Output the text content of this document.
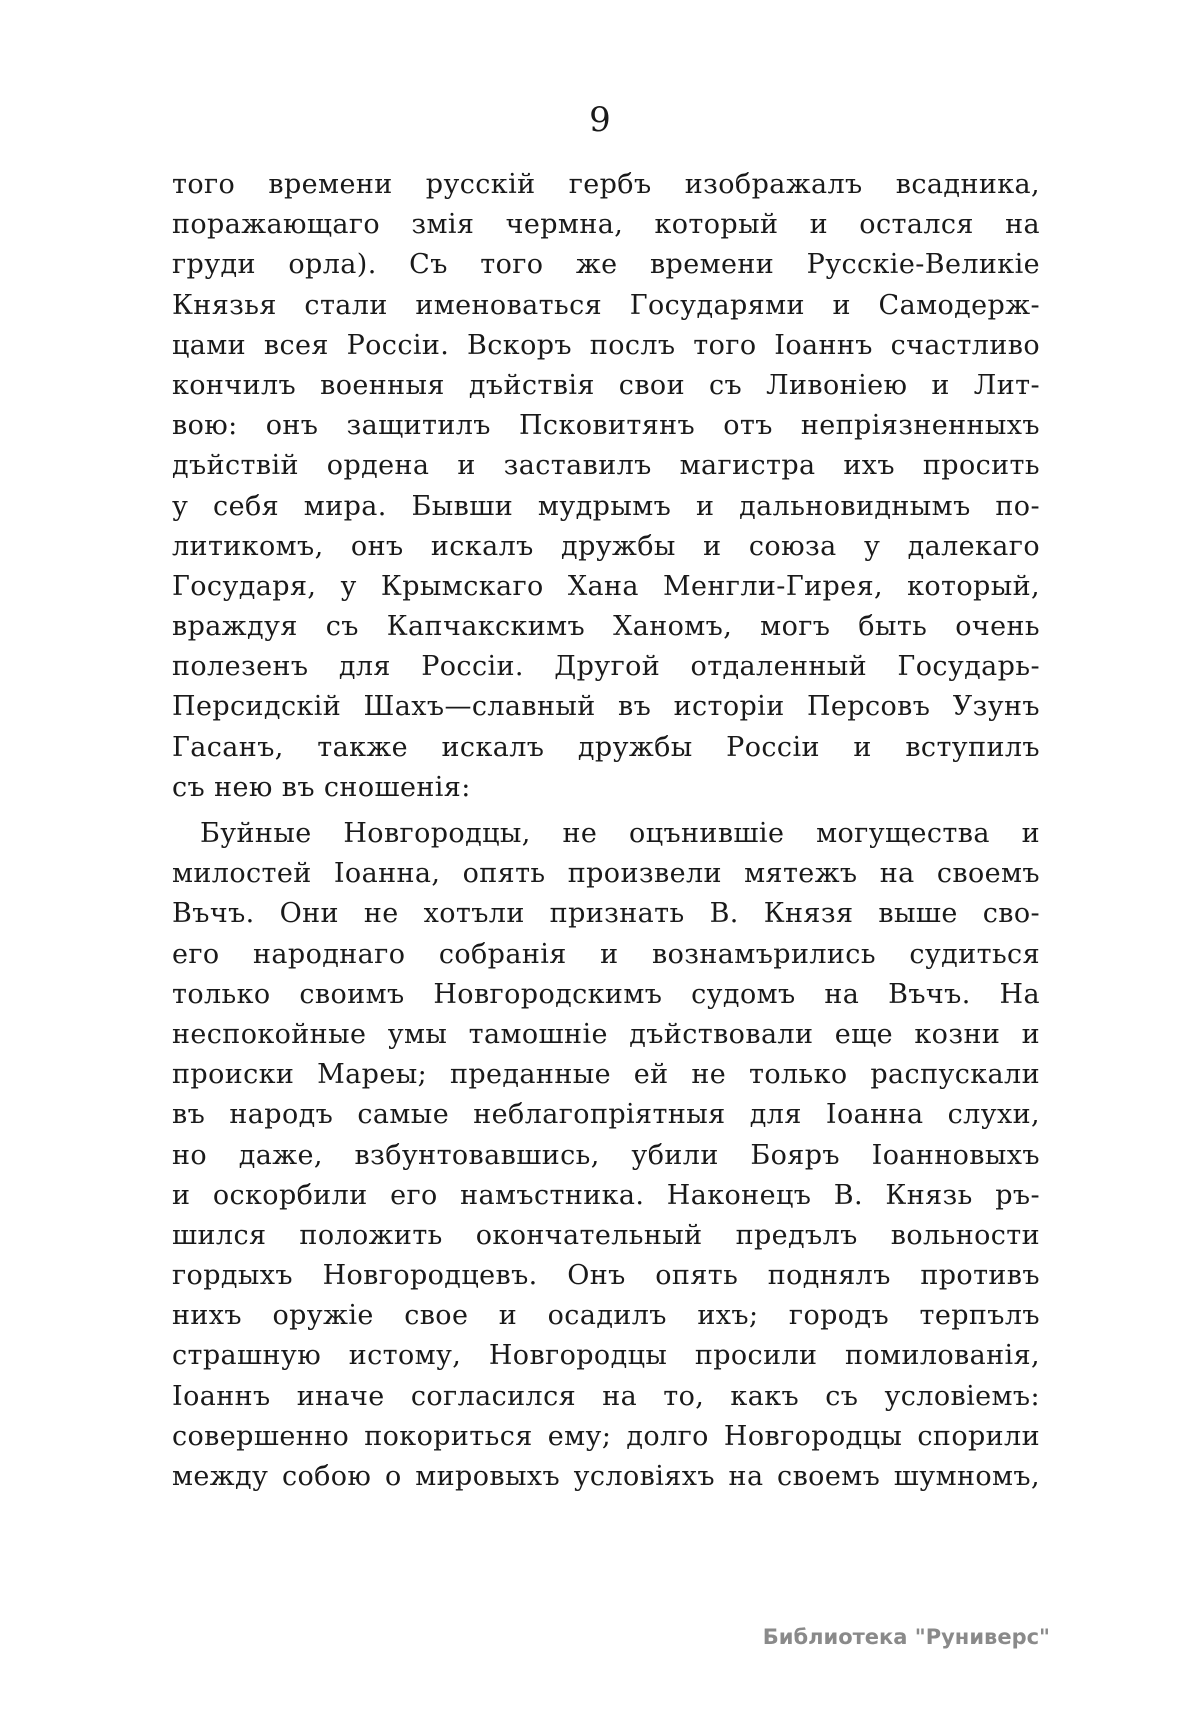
9
того времени русскій гербъ изображалъ всадника,
поражающаго змія чермна, который и остался на
груди орла). Съ того же времени Русскіе-Великіе
Князья стали именоваться Государями и Самодерж-
цами всея Россіи. Вскоръ послъ того Іоаннъ счастливо
кончилъ военныя дъйствія свои съ Ливоніею и Лит-
вою: онъ защитилъ Псковитянъ отъ непріязненныхъ
дъйствій ордена и заставилъ магистра ихъ просить
у себя мира. Бывши мудрымъ и дальновиднымъ по-
литикомъ, онъ искалъ дружбы и союза у далекаго
Государя, у Крымскаго Хана Менгли-Гирея, который,
враждуя съ Капчакскимъ Ханомъ, могъ быть очень
полезенъ для Россіи. Другой отдаленный Государь-
Персидскій Шахъ—славный въ исторіи Персовъ Узунъ
Гасанъ, также искалъ дружбы Россіи и вступилъ
съ нею въ сношенія:
Буйные Новгородцы, не оцънившіе могущества и
милостей Іоанна, опять произвели мятежъ на своемъ
Въчъ. Они не хотъли признать В. Князя выше сво-
его народнаго собранія и вознамърились судиться
только своимъ Новгородскимъ судомъ на Въчъ. На
неспокойные умы тамошніе дъйствовали еще козни и
происки Мареы; преданные ей не только распускали
въ народъ самые неблагопріятныя для Іоанна слухи,
но даже, взбунтовавшись, убили Бояръ Іоанновыхъ
и оскорбили его намъстника. Наконецъ В. Князь ръ-
шился положить окончательный предълъ вольности
гордыхъ Новгородцевъ. Онъ опять поднялъ противъ
нихъ оружіе свое и осадилъ ихъ; городъ терпълъ
страшную истому, Новгородцы просили помилованія,
Іоаннъ иначе согласился на то, какъ съ условіемъ:
совершенно покориться ему; долго Новгородцы спорили
между собою о мировыхъ условіяхъ на своемъ шумномъ,
Библиотека "Руниверс"
